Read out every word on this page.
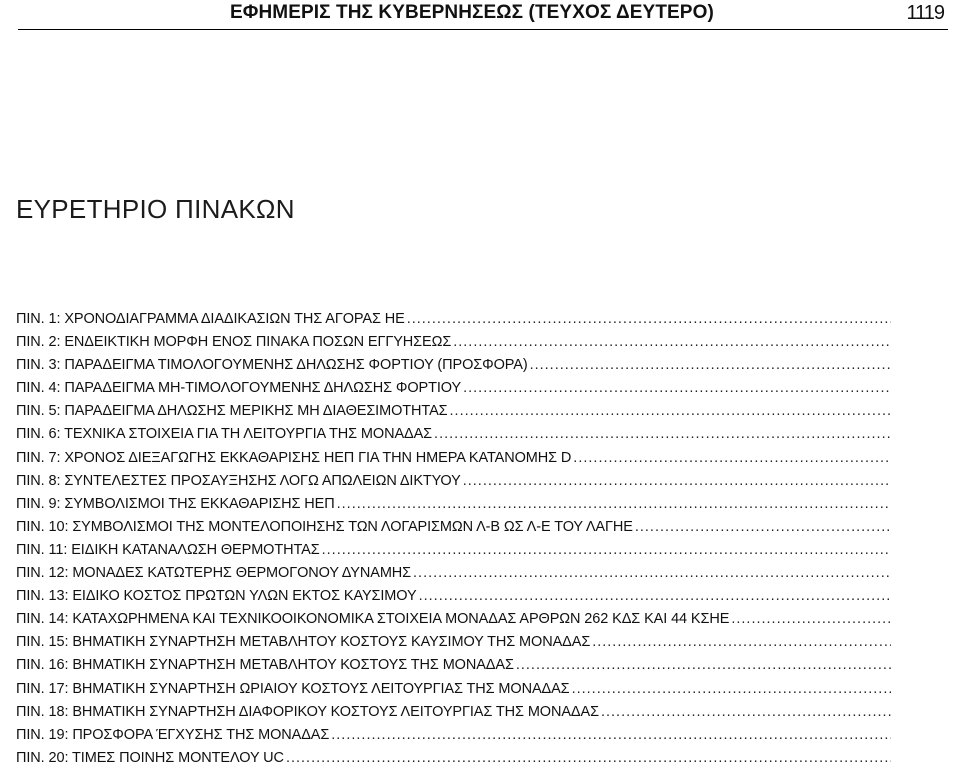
ΕΦΗΜΕΡΙΣ ΤΗΣ ΚΥΒΕΡΝΗΣΕΩΣ (ΤΕΥΧΟΣ ΔΕΥΤΕΡΟ)	1119
ΕΥΡΕΤΗΡΙΟ ΠΙΝΑΚΩΝ
ΠΙΝ. 1: ΧΡΟΝΟΔΙΑΓΡΑΜΜΑ ΔΙΑΔΙΚΑΣΙΩΝ ΤΗΣ ΑΓΟΡΑΣ ΗΕ
.....
ΠΙΝ. 2: ΕΝΔΕΙΚΤΙΚΗ ΜΟΡΦΗ ΕΝΟΣ ΠΙΝΑΚΑ ΠΟΣΩΝ ΕΓΓΥΗΣΕΩΣ
.....
ΠΙΝ. 3: ΠΑΡΑΔΕΙΓΜΑ ΤΙΜΟΛΟΓΟΥΜΕΝΗΣ ΔΗΛΩΣΗΣ ΦΟΡΤΙΟΥ (ΠΡΟΣΦΟΡΑ)
.....
ΠΙΝ. 4: ΠΑΡΑΔΕΙΓΜΑ ΜΗ-ΤΙΜΟΛΟΓΟΥΜΕΝΗΣ ΔΗΛΩΣΗΣ ΦΟΡΤΙΟΥ
.....
ΠΙΝ. 5: ΠΑΡΑΔΕΙΓΜΑ ΔΗΛΩΣΗΣ ΜΕΡΙΚΗΣ ΜΗ ΔΙΑΘΕΣΙΜΟΤΗΤΑΣ
.....
ΠΙΝ. 6: ΤΕΧΝΙΚΑ ΣΤΟΙΧΕΙΑ ΓΙΑ ΤΗ ΛΕΙΤΟΥΡΓΙΑ ΤΗΣ ΜΟΝΑΔΑΣ
.....
ΠΙΝ. 7: ΧΡΟΝΟΣ ΔΙΕΞΑΓΩΓΗΣ ΕΚΚΑΘΑΡΙΣΗΣ ΗΕΠ ΓΙΑ ΤΗΝ ΗΜΕΡΑ ΚΑΤΑΝΟΜΗΣ D
.....
ΠΙΝ. 8: ΣΥΝΤΕΛΕΣΤΕΣ ΠΡΟΣΑΥΞΗΣΗΣ ΛΟΓΩ ΑΠΩΛΕΙΩΝ ΔΙΚΤΥΟΥ
.....
ΠΙΝ. 9: ΣΥΜΒΟΛΙΣΜΟΙ ΤΗΣ ΕΚΚΑΘΑΡΙΣΗΣ ΗΕΠ
.....
ΠΙΝ. 10: ΣΥΜΒΟΛΙΣΜΟΙ ΤΗΣ ΜΟΝΤΕΛΟΠΟΙΗΣΗΣ ΤΩΝ ΛΟΓΑΡΙΣΜΩΝ Λ-Β ΩΣ Λ-Ε ΤΟΥ ΛΑΓΗΕ
.....
ΠΙΝ. 11: ΕΙΔΙΚΗ ΚΑΤΑΝΑΛΩΣΗ ΘΕΡΜΟΤΗΤΑΣ
.....
ΠΙΝ. 12: ΜΟΝΑΔΕΣ ΚΑΤΩΤΕΡΗΣ ΘΕΡΜΟΓΟΝΟΥ ΔΥΝΑΜΗΣ
.....
ΠΙΝ. 13: ΕΙΔΙΚΟ ΚΟΣΤΟΣ ΠΡΩΤΩΝ ΥΛΩΝ ΕΚΤΟΣ ΚΑΥΣΙΜΟΥ
.....
ΠΙΝ. 14: ΚΑΤΑΧΩΡΗΜΕΝΑ ΚΑΙ ΤΕΧΝΙΚΟΟΙΚΟΝΟΜΙΚΑ ΣΤΟΙΧΕΙΑ ΜΟΝΑΔΑΣ ΑΡΘΡΩΝ 262 ΚΔΣ ΚΑΙ 44 ΚΣΗΕ
.....
ΠΙΝ. 15: ΒΗΜΑΤΙΚΗ ΣΥΝΑΡΤΗΣΗ ΜΕΤΑΒΛΗΤΟΥ ΚΟΣΤΟΥΣ ΚΑΥΣΙΜΟΥ ΤΗΣ ΜΟΝΑΔΑΣ
.....
ΠΙΝ. 16: ΒΗΜΑΤΙΚΗ ΣΥΝΑΡΤΗΣΗ ΜΕΤΑΒΛΗΤΟΥ ΚΟΣΤΟΥΣ ΤΗΣ ΜΟΝΑΔΑΣ
.....
ΠΙΝ. 17: ΒΗΜΑΤΙΚΗ ΣΥΝΑΡΤΗΣΗ ΩΡΙΑΙΟΥ ΚΟΣΤΟΥΣ ΛΕΙΤΟΥΡΓΙΑΣ ΤΗΣ ΜΟΝΑΔΑΣ
.....
ΠΙΝ. 18: ΒΗΜΑΤΙΚΗ ΣΥΝΑΡΤΗΣΗ ΔΙΑΦΟΡΙΚΟΥ ΚΟΣΤΟΥΣ ΛΕΙΤΟΥΡΓΙΑΣ ΤΗΣ ΜΟΝΑΔΑΣ
.....
ΠΙΝ. 19: ΠΡΟΣΦΟΡΑ ΈΓΧΥΣΗΣ ΤΗΣ ΜΟΝΑΔΑΣ
.....
ΠΙΝ. 20: ΤΙΜΕΣ ΠΟΙΝΗΣ ΜΟΝΤΕΛΟΥ UC
.....
